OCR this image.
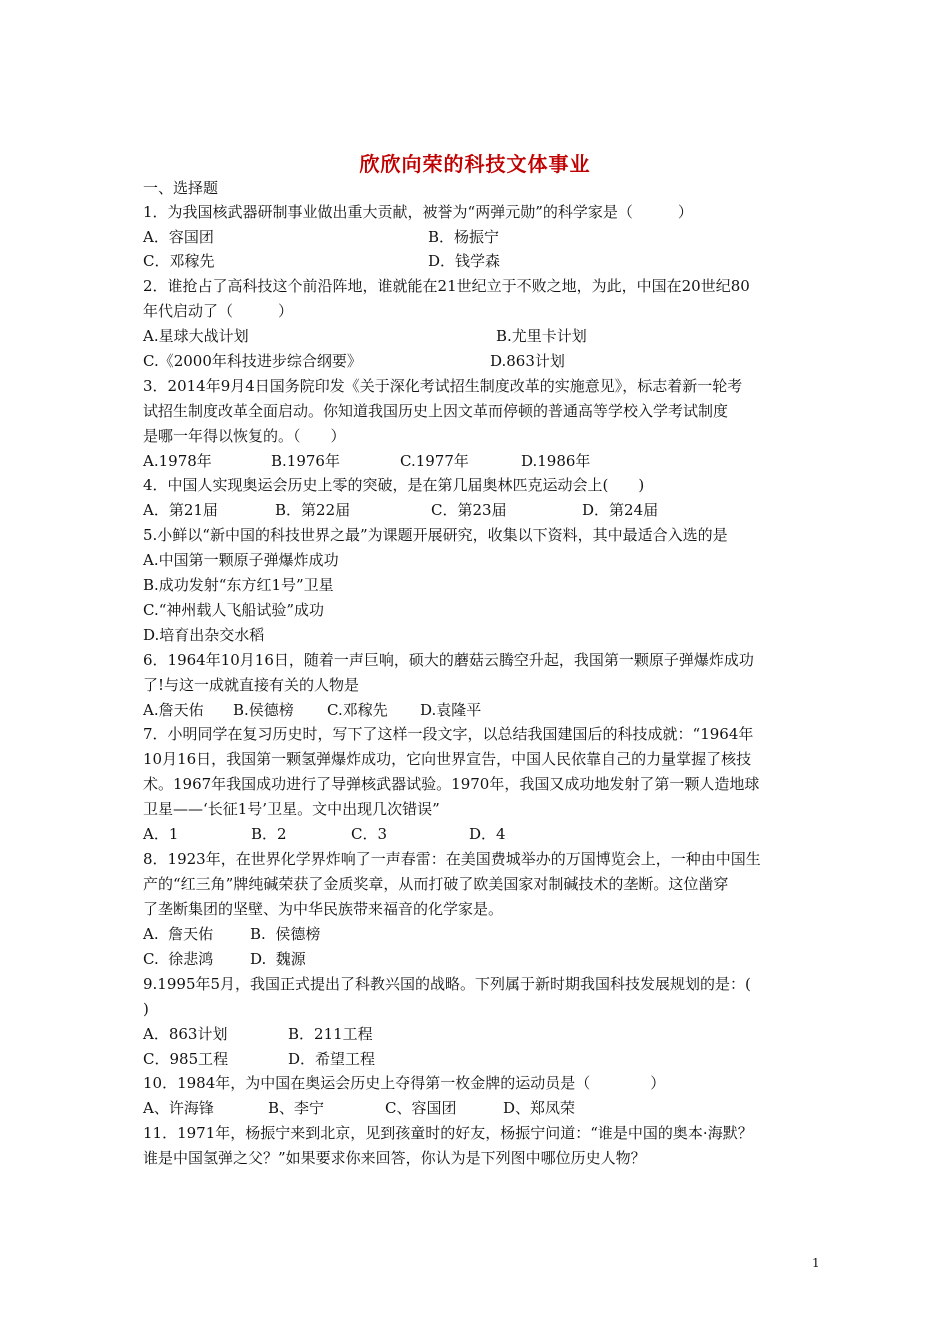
欣欣向荣的科技文体事业
一、选择题
1．为我国核武器研制事业做出重大贡献，被誉为“两弹元勋”的科学家是（　　　）
A．容国团	B．杨振宁
C．邓稼先	D．钱学森
2．谁抢占了高科技这个前沿阵地，谁就能在21世纪立于不败之地，为此，中国在20世纪80
年代启动了（　　　）
A.星球大战计划	B.尤里卡计划
C.《2000年科技进步综合纲要》	D.863计划
3．2014年9月4日国务院印发《关于深化考试招生制度改革的实施意见》，标志着新一轮考
试招生制度改革全面启动。你知道我国历史上因文革而停顿的普通高等学校入学考试制度
是哪一年得以恢复的。（　　）
A.1978年	B.1976年	C.1977年	D.1986年
4．中国人实现奥运会历史上零的突破，是在第几届奥林匹克运动会上(　　)
A．第21届	B．第22届	C．第23届	D．第24届
5.小鲜以“新中国的科技世界之最”为课题开展研究，收集以下资料，其中最适合入选的是
A.中国第一颗原子弹爆炸成功
B.成功发射“东方红1号”卫星
C.“神州载人飞船试验”成功
D.培育出杂交水稻
6．1964年10月16日，随着一声巨响，硕大的蘑菇云腾空升起，我国第一颗原子弹爆炸成功
了!与这一成就直接有关的人物是
A.詹天佑 B.侯德榜 C.邓稼先 D.袁隆平
7．小明同学在复习历史时，写下了这样一段文字，以总结我国建国后的科技成就：“1964年
10月16日，我国第一颗氢弹爆炸成功，它向世界宣告，中国人民依靠自己的力量掌握了核技
术。1967年我国成功进行了导弹核武器试验。1970年，我国又成功地发射了第一颗人造地球
卫星——‘长征1号’卫星。文中出现几次错误”
A．1	B．2	C．3	D．4
8．1923年，在世界化学界炸响了一声春雷：在美国费城举办的万国博览会上，一种由中国生
产的“红三角”牌纯碱荣获了金质奖章，从而打破了欧美国家对制碱技术的垄断。这位凿穿
了垄断集团的坚壁、为中华民族带来福音的化学家是。
A.  詹天佑 B.  侯德榜
C.  徐悲鸿 D.  魏源
9.1995年5月，我国正式提出了科教兴国的战略。下列属于新时期我国科技发展规划的是：(
)
A．863计划	B．211工程
C．985工程	D．希望工程
10．1984年，为中国在奥运会历史上夺得第一枚金牌的运动员是（　　　　）
A、许海锋	B、李宁	C、容国团	D、郑凤荣
11．1971年，杨振宁来到北京，见到孩童时的好友，杨振宁问道：“谁是中国的奥本·海默？
谁是中国氢弹之父？”如果要求你来回答，你认为是下列图中哪位历史人物？
1
